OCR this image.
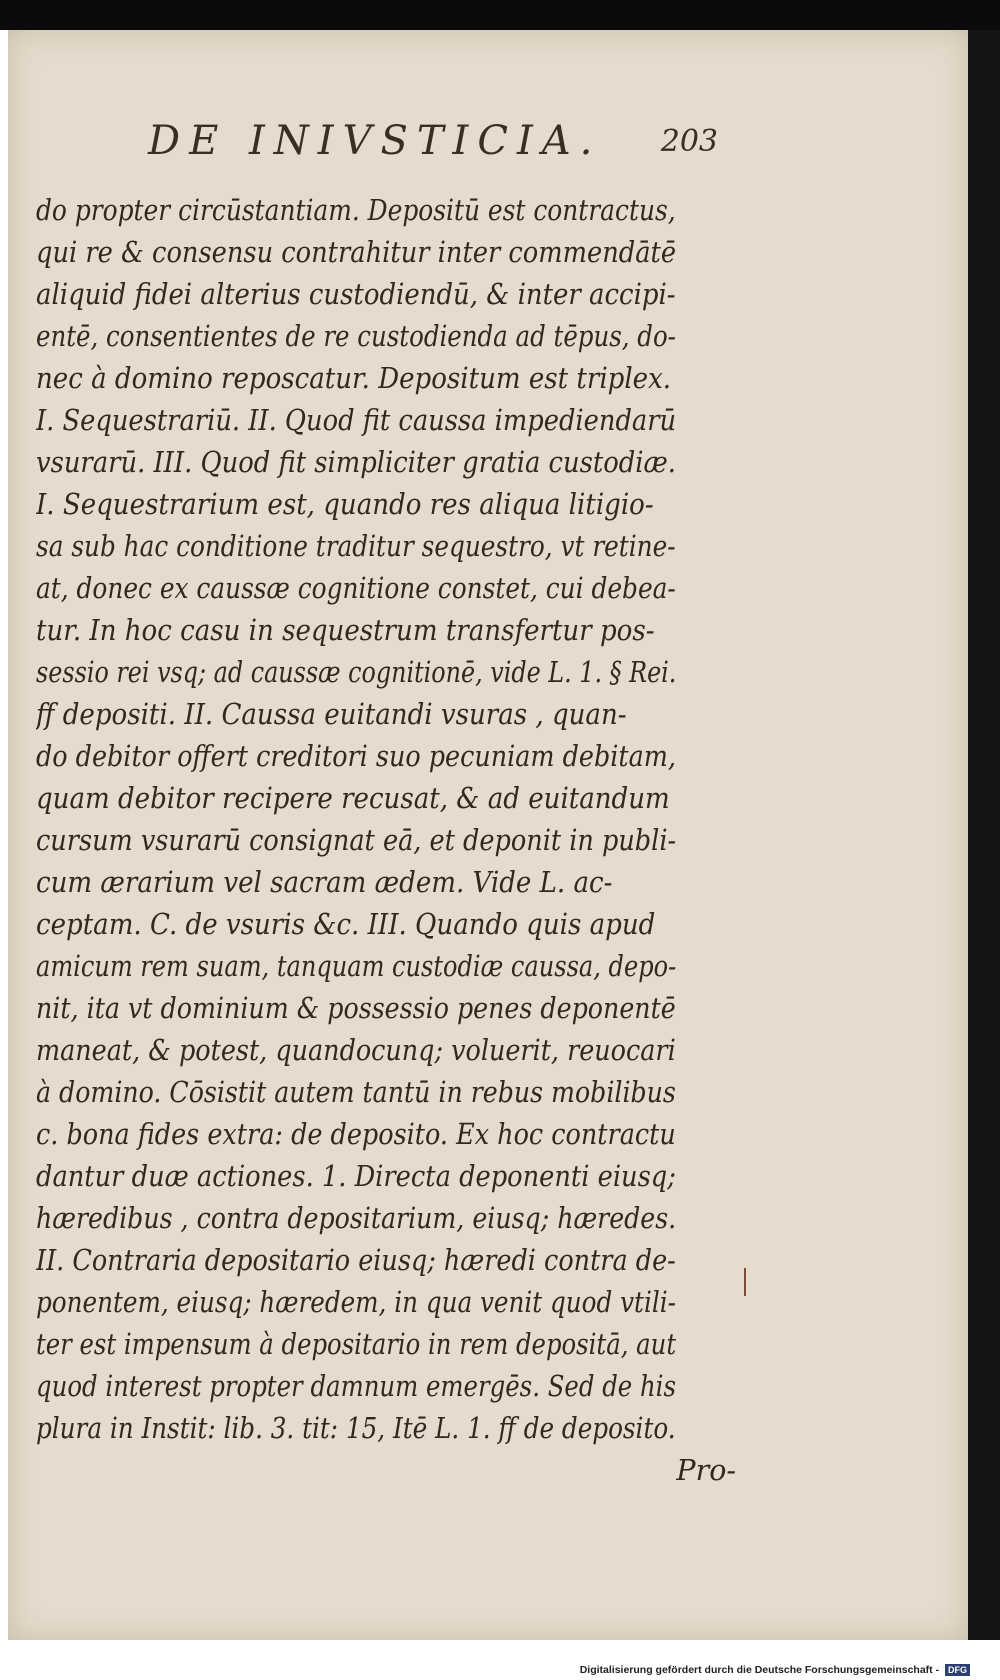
DE INIVSTICIA. 203
do propter circūstantiam. Depositū est contractus,
qui re & consensu contrahitur inter commendātē
aliquid fidei alterius custodiendū, & inter accipi-
entē, consentientes de re custodienda ad tēpus, do-
nec à domino reposcatur. Depositum est triplex.
I. Sequestrariū. II. Quod fit caussa impediendarū
vsurarū. III. Quod fit simpliciter gratia custodiæ.
I. Sequestrarium est, quando res aliqua litigio-
sa sub hac conditione traditur sequestro, vt retine-
at, donec ex caussæ cognitione constet, cui debea-
tur. In hoc casu in sequestrum transfertur pos-
sessio rei vsq; ad caussæ cognitionē, vide L. 1. § Rei.
ff depositi. II. Caussa euitandi vsuras , quan-
do debitor offert creditori suo pecuniam debitam,
quam debitor recipere recusat, & ad euitandum
cursum vsurarū consignat eā, et deponit in publi-
cum ærarium vel sacram ædem. Vide L. ac-
ceptam. C. de vsuris &c. III. Quando quis apud
amicum rem suam, tanquam custodiæ caussa, depo-
nit, ita vt dominium & possessio penes deponentē
maneat, & potest, quandocunq; voluerit, reuocari
à domino. Cōsistit autem tantū in rebus mobilibus
c. bona fides extra: de deposito. Ex hoc contractu
dantur duæ actiones. 1. Directa deponenti eiusq;
hæredibus , contra depositarium, eiusq; hæredes.
II. Contraria depositario eiusq; hæredi contra de-
ponentem, eiusq; hæredem, in qua venit quod vtili-
ter est impensum à depositario in rem depositā, aut
quod interest propter damnum emergēs. Sed de his
plura in Instit: lib. 3. tit: 15, Itē L. 1. ff de deposito.
Pro-
Digitalisierung gefördert durch die Deutsche Forschungsgemeinschaft - DFG
